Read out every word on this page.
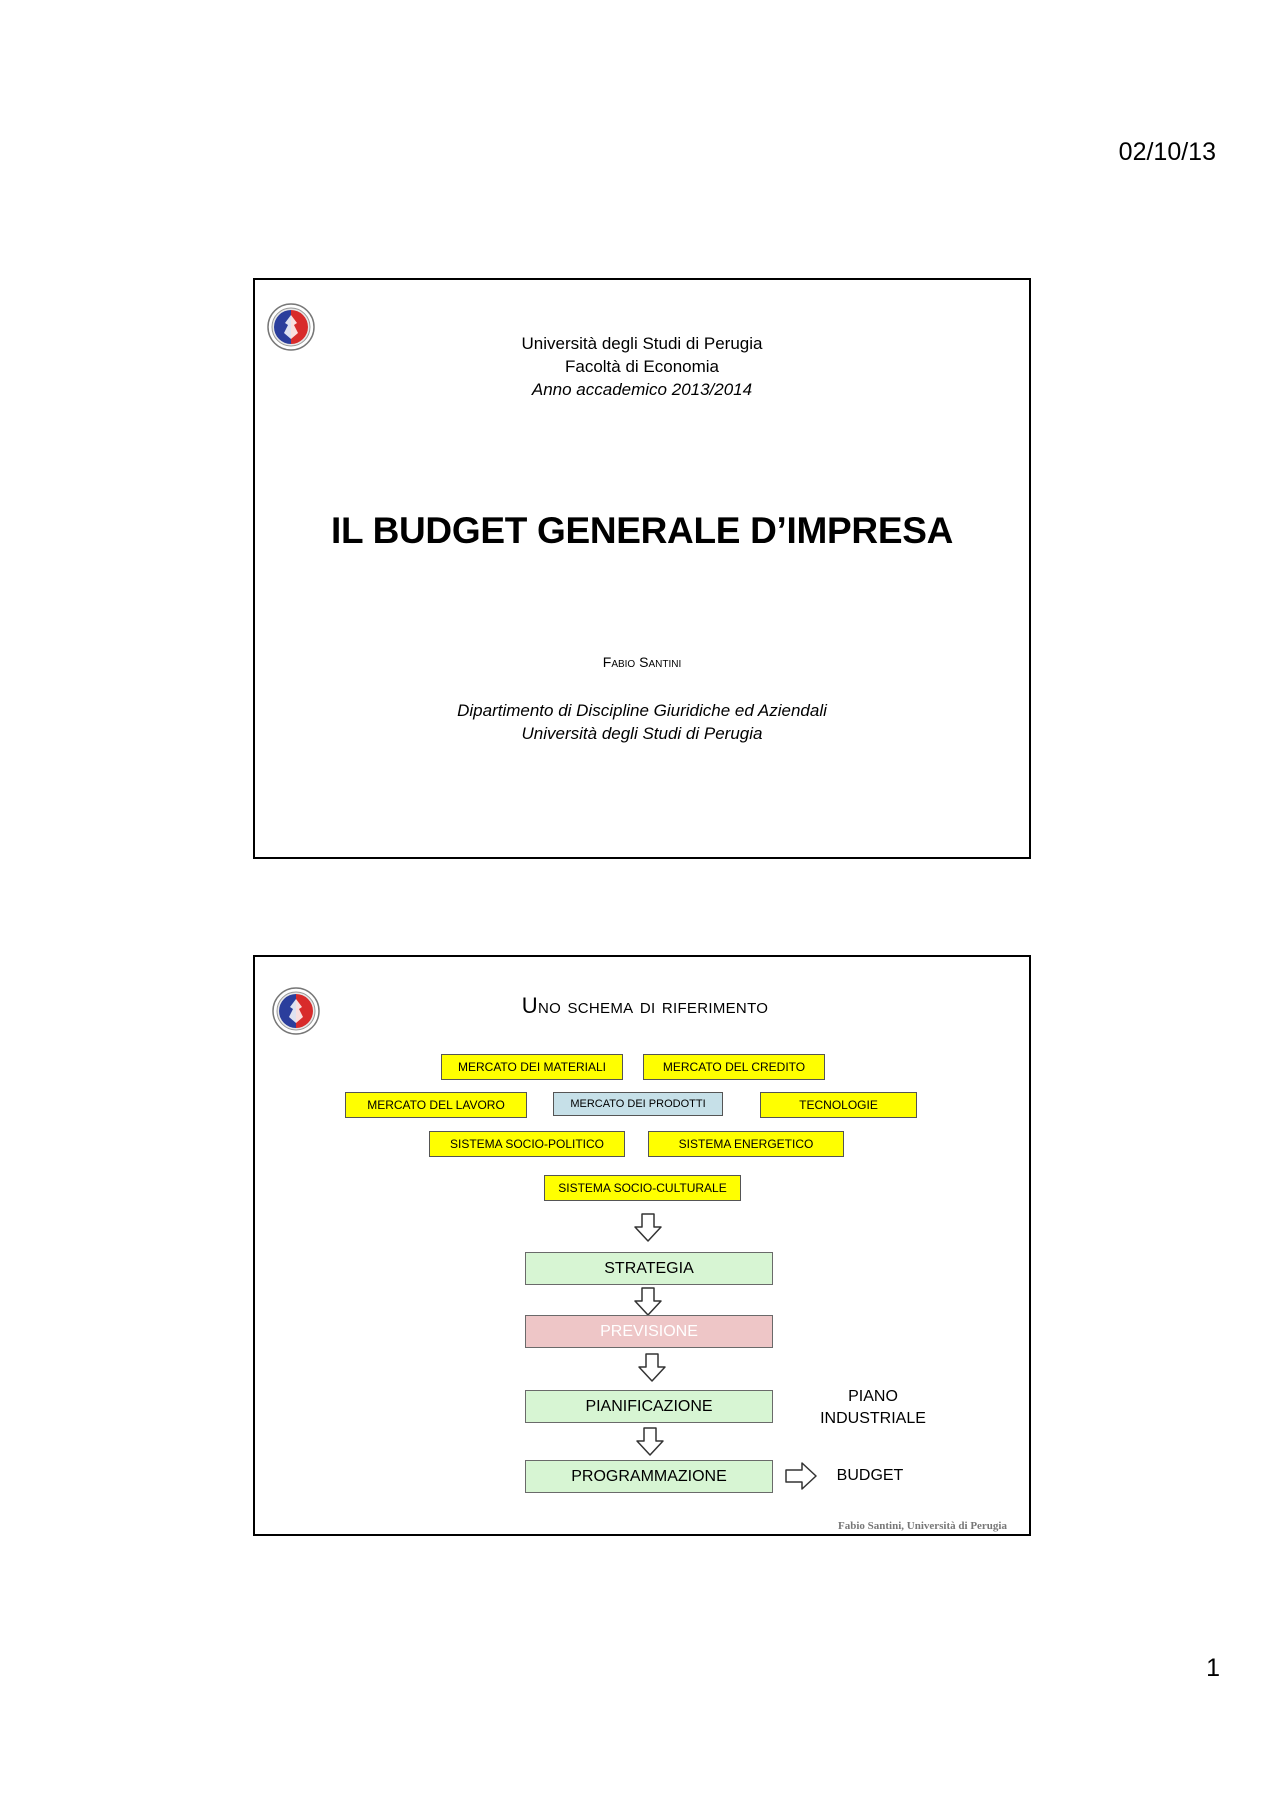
02/10/13
Università degli Studi di Perugia
Facoltà di Economia
Anno accademico 2013/2014
IL BUDGET GENERALE D’IMPRESA
Fabio Santini
Dipartimento di Discipline Giuridiche ed Aziendali
Università degli Studi di Perugia
Uno schema di riferimento
MERCATO DEI MATERIALI	MERCATO DEL CREDITO
MERCATO DEL LAVORO	MERCATO DEI PRODOTTI	TECNOLOGIE
SISTEMA SOCIO-POLITICO	SISTEMA ENERGETICO
SISTEMA SOCIO-CULTURALE
STRATEGIA
PREVISIONE
PIANIFICAZIONE
PIANO
INDUSTRIALE
PROGRAMMAZIONE	BUDGET
Fabio Santini, Università di Perugia
1
